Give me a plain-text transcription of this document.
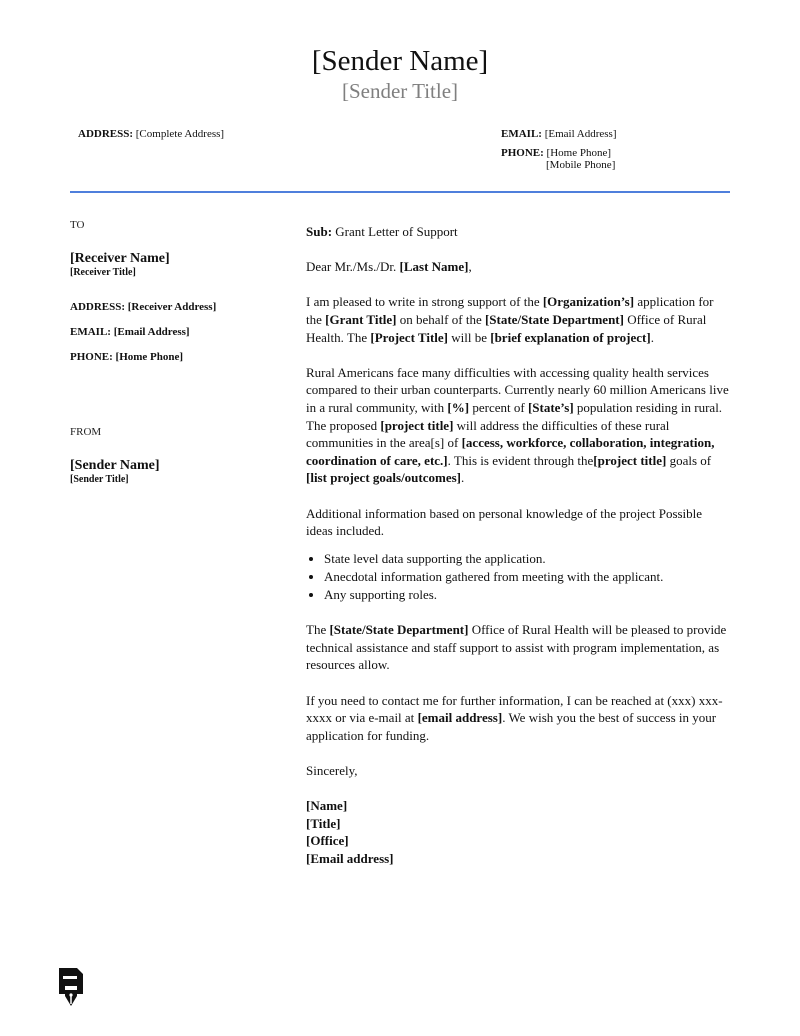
[Sender Name]
[Sender Title]
ADDRESS: [Complete Address]	EMAIL: [Email Address]
PHONE: [Home Phone]
[Mobile Phone]
TO
[Receiver Name]
[Receiver Title]
ADDRESS: [Receiver Address]
EMAIL: [Email Address]
PHONE: [Home Phone]
FROM
[Sender Name]
[Sender Title]

Sub: Grant Letter of Support

Dear Mr./Ms./Dr. [Last Name],

I am pleased to write in strong support of the [Organization’s] application for the [Grant Title] on behalf of the [State/State Department] Office of Rural Health. The [Project Title] will be [brief explanation of project].

Rural Americans face many difficulties with accessing quality health services compared to their urban counterparts. Currently nearly 60 million Americans live in a rural community, with [%] percent of [State’s] population residing in rural. The proposed [project title] will address the difficulties of these rural communities in the area[s] of [access, workforce, collaboration, integration, coordination of care, etc.]. This is evident through the[project title] goals of [list project goals/outcomes].

Additional information based on personal knowledge of the project Possible ideas included.

• State level data supporting the application.
• Anecdotal information gathered from meeting with the applicant.
• Any supporting roles.

The [State/State Department] Office of Rural Health will be pleased to provide technical assistance and staff support to assist with program implementation, as resources allow.

If you need to contact me for further information, I can be reached at (xxx) xxx-xxxx or via e-mail at [email address]. We wish you the best of success in your application for funding.

Sincerely,

[Name]
[Title]
[Office]
[Email address]
